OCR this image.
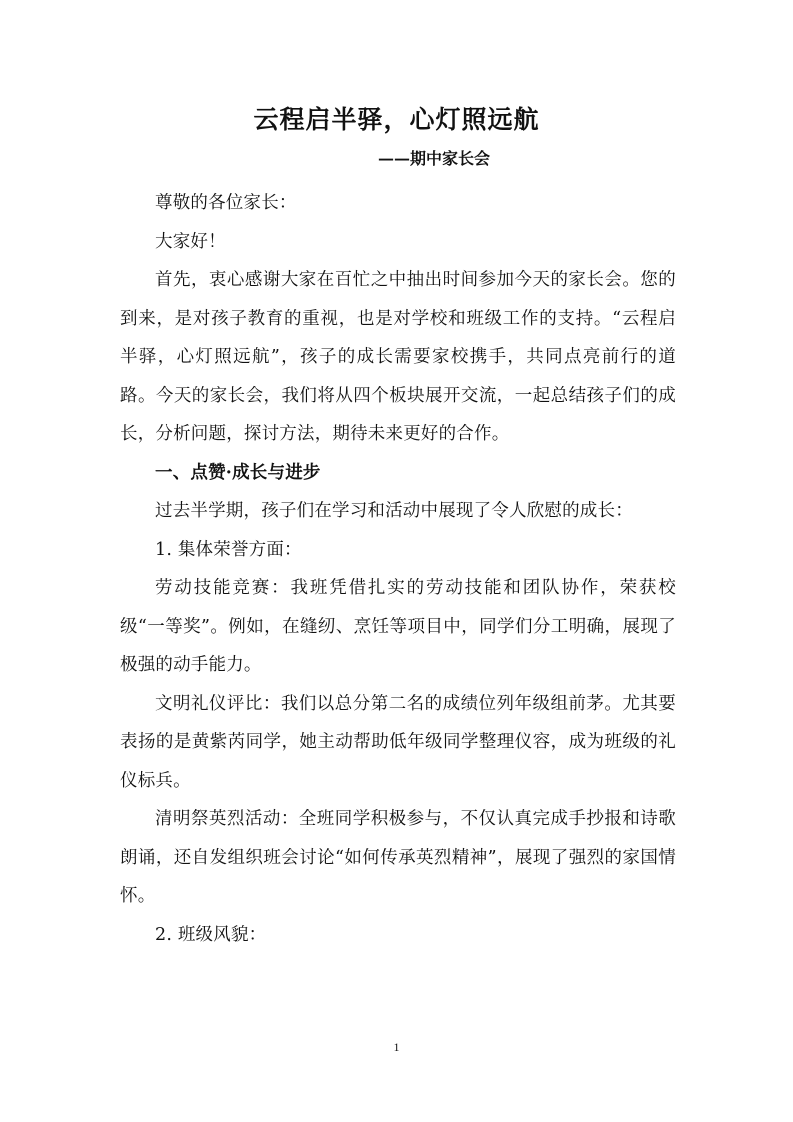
云程启半驿，心灯照远航
——期中家长会

尊敬的各位家长：

大家好！

首先，衷心感谢大家在百忙之中抽出时间参加今天的家长会。您的到来，是对孩子教育的重视，也是对学校和班级工作的支持。“云程启半驿，心灯照远航”，孩子的成长需要家校携手，共同点亮前行的道路。今天的家长会，我们将从四个板块展开交流，一起总结孩子们的成长，分析问题，探讨方法，期待未来更好的合作。

一、点赞·成长与进步

过去半学期，孩子们在学习和活动中展现了令人欣慰的成长：

1. 集体荣誉方面：

劳动技能竞赛：我班凭借扎实的劳动技能和团队协作，荣获校级“一等奖”。例如，在缝纫、烹饪等项目中，同学们分工明确，展现了极强的动手能力。

文明礼仪评比：我们以总分第二名的成绩位列年级组前茅。尤其要表扬的是黄紫芮同学，她主动帮助低年级同学整理仪容，成为班级的礼仪标兵。

清明祭英烈活动：全班同学积极参与，不仅认真完成手抄报和诗歌朗诵，还自发组织班会讨论“如何传承英烈精神”，展现了强烈的家国情怀。

2. 班级风貌：

1
